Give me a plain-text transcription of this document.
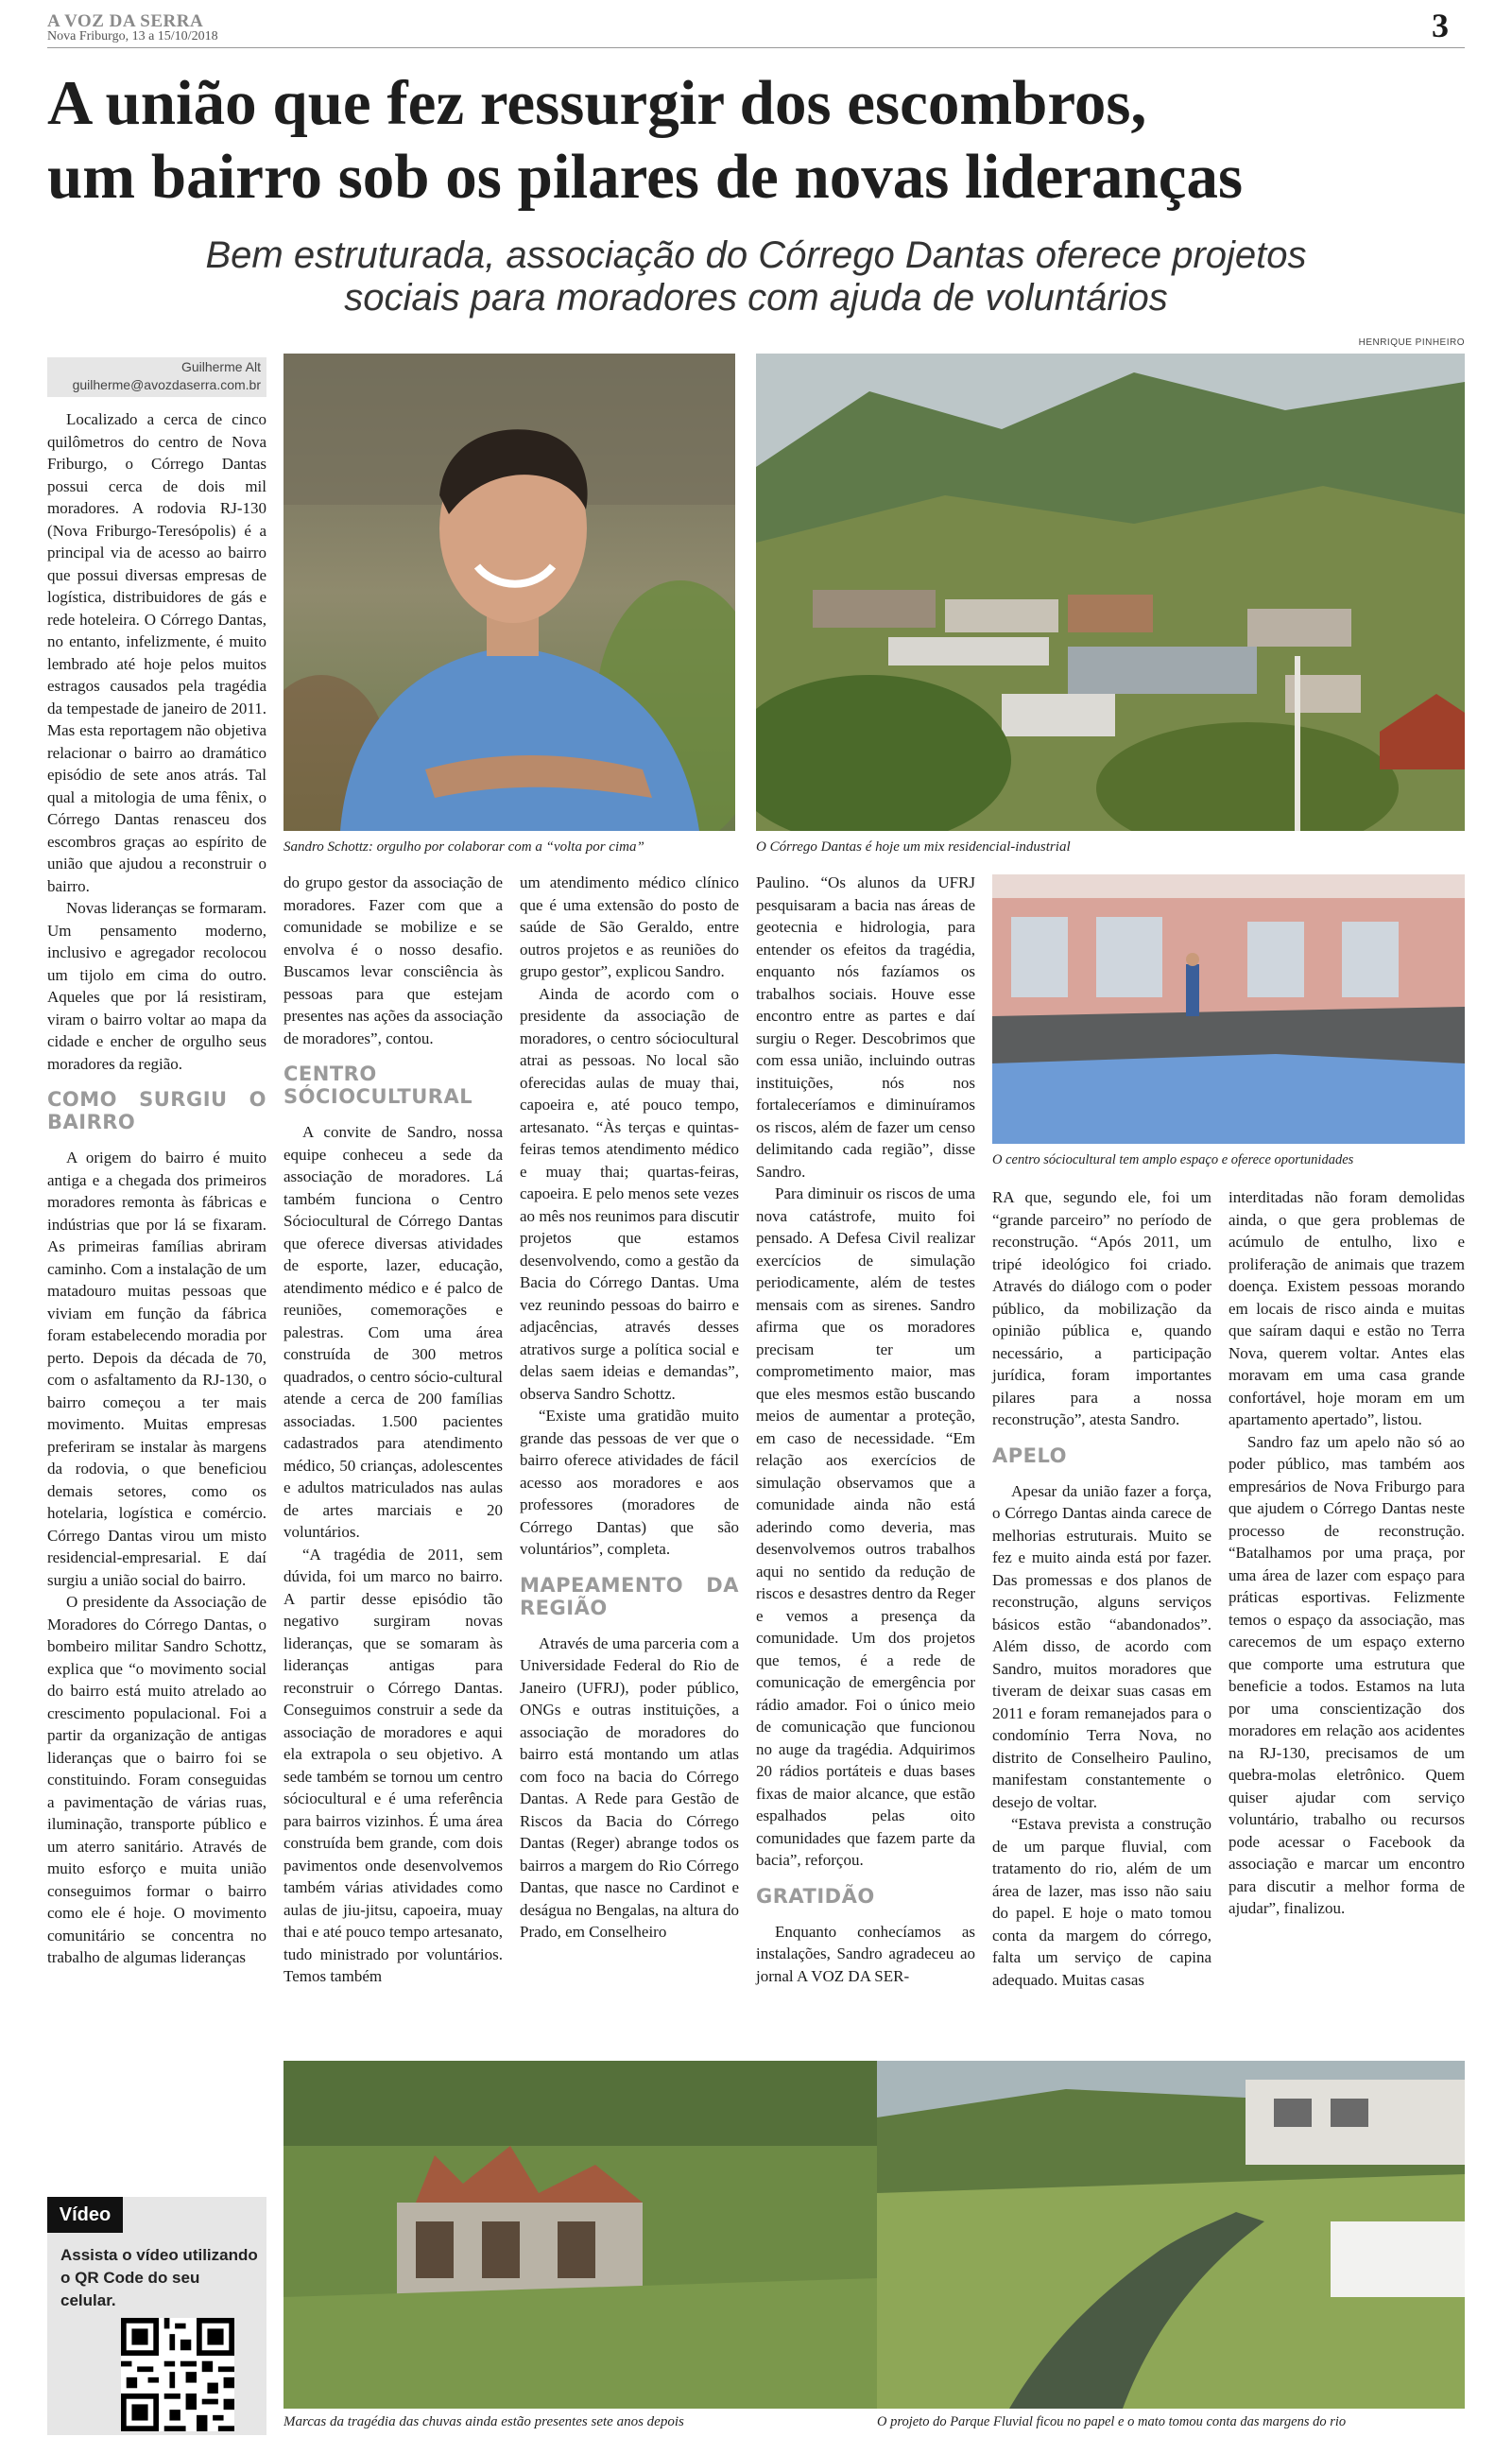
A VOZ DA SERRA
Nova Friburgo, 13 a 15/10/2018	3
A união que fez ressurgir dos escombros,
um bairro sob os pilares de novas lideranças
Bem estruturada, associação do Córrego Dantas oferece projetos
sociais para moradores com ajuda de voluntários
Guilherme Alt
guilherme@avozdaserra.com.br
HENRIQUE PINHEIRO
Sandro Schottz: orgulho por colaborar com a “volta por cima”	O Córrego Dantas é hoje um mix residencial-industrial
O centro sóciocultural tem amplo espaço e oferece oportunidades

Localizado a cerca de cinco quilômetros do centro de Nova Friburgo, o Córrego Dantas possui cerca de dois mil moradores. A rodovia RJ-130 (Nova Friburgo-Teresópolis) é a principal via de acesso ao bairro que possui diversas empresas de logística, distribuidores de gás e rede hoteleira. O Córrego Dantas, no entanto, infelizmente, é muito lembrado até hoje pelos muitos estragos causados pela tragédia da tempestade de janeiro de 2011. Mas esta reportagem não objetiva relacionar o bairro ao dramático episódio de sete anos atrás. Tal qual a mitologia de uma fênix, o Córrego Dantas renasceu dos escombros graças ao espírito de união que ajudou a reconstruir o bairro.

Novas lideranças se formaram. Um pensamento moderno, inclusivo e agregador recolocou um tijolo em cima do outro. Aqueles que por lá resistiram, viram o bairro voltar ao mapa da cidade e encher de orgulho seus moradores da região.

COMO SURGIU O BAIRRO

A origem do bairro é muito antiga e a chegada dos primeiros moradores remonta às fábricas e indústrias que por lá se fixaram. As primeiras famílias abriram caminho. Com a instalação de um matadouro muitas pessoas que viviam em função da fábrica foram estabelecendo moradia por perto. Depois da década de 70, com o asfaltamento da RJ-130, o bairro começou a ter mais movimento. Muitas empresas preferiram se instalar às margens da rodovia, o que beneficiou demais setores, como os hotelaria, logística e comércio. Córrego Dantas virou um misto residencial-empresarial. E daí surgiu a união social do bairro.

O presidente da Associação de Moradores do Córrego Dantas, o bombeiro militar Sandro Schottz, explica que “o movimento social do bairro está muito atrelado ao crescimento populacional. Foi a partir da organização de antigas lideranças que o bairro foi se constituindo. Foram conseguidas a pavimentação de várias ruas, iluminação, transporte público e um aterro sanitário. Através de muito esforço e muita união conseguimos formar o bairro como ele é hoje. O movimento comunitário se concentra no trabalho de algumas lideranças

do grupo gestor da associação de moradores. Fazer com que a comunidade se mobilize e se envolva é o nosso desafio. Buscamos levar consciência às pessoas para que estejam presentes nas ações da associação de moradores”, contou.

CENTRO SÓCIOCULTURAL

A convite de Sandro, nossa equipe conheceu a sede da associação de moradores. Lá também funciona o Centro Sóciocultural de Córrego Dantas que oferece diversas atividades de esporte, lazer, educação, atendimento médico e é palco de reuniões, comemorações e palestras. Com uma área construída de 300 metros quadrados, o centro sócio-cultural atende a cerca de 200 famílias associadas. 1.500 pacientes cadastrados para atendimento médico, 50 crianças, adolescentes e adultos matriculados nas aulas de artes marciais e 20 voluntários.

“A tragédia de 2011, sem dúvida, foi um marco no bairro. A partir desse episódio tão negativo surgiram novas lideranças, que se somaram às lideranças antigas para reconstruir o Córrego Dantas. Conseguimos construir a sede da associação de moradores e aqui ela extrapola o seu objetivo. A sede também se tornou um centro sóciocultural e é uma referência para bairros vizinhos. É uma área construída bem grande, com dois pavimentos onde desenvolvemos também várias atividades como aulas de jiu-jitsu, capoeira, muay thai e até pouco tempo artesanato, tudo ministrado por voluntários. Temos também

um atendimento médico clínico que é uma extensão do posto de saúde de São Geraldo, entre outros projetos e as reuniões do grupo gestor”, explicou Sandro.

Ainda de acordo com o presidente da associação de moradores, o centro sóciocultural atrai as pessoas. No local são oferecidas aulas de muay thai, capoeira e, até pouco tempo, artesanato. “Às terças e quintas-feiras temos atendimento médico e muay thai; quartas-feiras, capoeira. E pelo menos sete vezes ao mês nos reunimos para discutir projetos que estamos desenvolvendo, como a gestão da Bacia do Córrego Dantas. Uma vez reunindo pessoas do bairro e adjacências, através desses atrativos surge a política social e delas saem ideias e demandas”, observa Sandro Schottz.

“Existe uma gratidão muito grande das pessoas de ver que o bairro oferece atividades de fácil acesso aos moradores e aos professores (moradores de Córrego Dantas) que são voluntários”, completa.

MAPEAMENTO DA REGIÃO

Através de uma parceria com a Universidade Federal do Rio de Janeiro (UFRJ), poder público, ONGs e outras instituições, a associação de moradores do bairro está montando um atlas com foco na bacia do Córrego Dantas. A Rede para Gestão de Riscos da Bacia do Córrego Dantas (Reger) abrange todos os bairros a margem do Rio Córrego Dantas, que nasce no Cardinot e deságua no Bengalas, na altura do Prado, em Conselheiro

Paulino. “Os alunos da UFRJ pesquisaram a bacia nas áreas de geotecnia e hidrologia, para entender os efeitos da tragédia, enquanto nós fazíamos os trabalhos sociais. Houve esse encontro entre as partes e daí surgiu o Reger. Descobrimos que com essa união, incluindo outras instituições, nós nos fortaleceríamos e diminuíramos os riscos, além de fazer um censo delimitando cada região”, disse Sandro.

Para diminuir os riscos de uma nova catástrofe, muito foi pensado. A Defesa Civil realizar exercícios de simulação periodicamente, além de testes mensais com as sirenes. Sandro afirma que os moradores precisam ter um comprometimento maior, mas que eles mesmos estão buscando meios de aumentar a proteção, em caso de necessidade. “Em relação aos exercícios de simulação observamos que a comunidade ainda não está aderindo como deveria, mas desenvolvemos outros trabalhos aqui no sentido da redução de riscos e desastres dentro da Reger e vemos a presença da comunidade. Um dos projetos que temos, é a rede de comunicação de emergência por rádio amador. Foi o único meio de comunicação que funcionou no auge da tragédia. Adquirimos 20 rádios portáteis e duas bases fixas de maior alcance, que estão espalhados pelas oito comunidades que fazem parte da bacia”, reforçou.

GRATIDÃO

Enquanto conhecíamos as instalações, Sandro agradeceu ao jornal A VOZ DA SER-

RA que, segundo ele, foi um “grande parceiro” no período de reconstrução. “Após 2011, um tripé ideológico foi criado. Através do diálogo com o poder público, da mobilização da opinião pública e, quando necessário, a participação jurídica, foram importantes pilares para a nossa reconstrução”, atesta Sandro.

APELO

Apesar da união fazer a força, o Córrego Dantas ainda carece de melhorias estruturais. Muito se fez e muito ainda está por fazer. Das promessas e dos planos de reconstrução, alguns serviços básicos estão “abandonados”. Além disso, de acordo com Sandro, muitos moradores que tiveram de deixar suas casas em 2011 e foram remanejados para o condomínio Terra Nova, no distrito de Conselheiro Paulino, manifestam constantemente o desejo de voltar.

“Estava prevista a construção de um parque fluvial, com tratamento do rio, além de um área de lazer, mas isso não saiu do papel. E hoje o mato tomou conta da margem do córrego, falta um serviço de capina adequado. Muitas casas

interditadas não foram demolidas ainda, o que gera problemas de acúmulo de entulho, lixo e proliferação de animais que trazem doença. Existem pessoas morando em locais de risco ainda e muitas que saíram daqui e estão no Terra Nova, querem voltar. Antes elas moravam em uma casa grande confortável, hoje moram em um apartamento apertado”, listou.

Sandro faz um apelo não só ao poder público, mas também aos empresários de Nova Friburgo para que ajudem o Córrego Dantas neste processo de reconstrução. “Batalhamos por uma praça, por uma área de lazer com espaço para práticas esportivas. Felizmente temos o espaço da associação, mas carecemos de um espaço externo que comporte uma estrutura que beneficie a todos. Estamos na luta por uma conscientização dos moradores em relação aos acidentes na RJ-130, precisamos de um quebra-molas eletrônico. Quem quiser ajudar com serviço voluntário, trabalho ou recursos pode acessar o Facebook da associação e marcar um encontro para discutir a melhor forma de ajudar”, finalizou.

Marcas da tragédia das chuvas ainda estão presentes sete anos depois	O projeto do Parque Fluvial ficou no papel e o mato tomou conta das margens do rio
Vídeo
Assista o vídeo utilizando o QR Code do seu celular.
